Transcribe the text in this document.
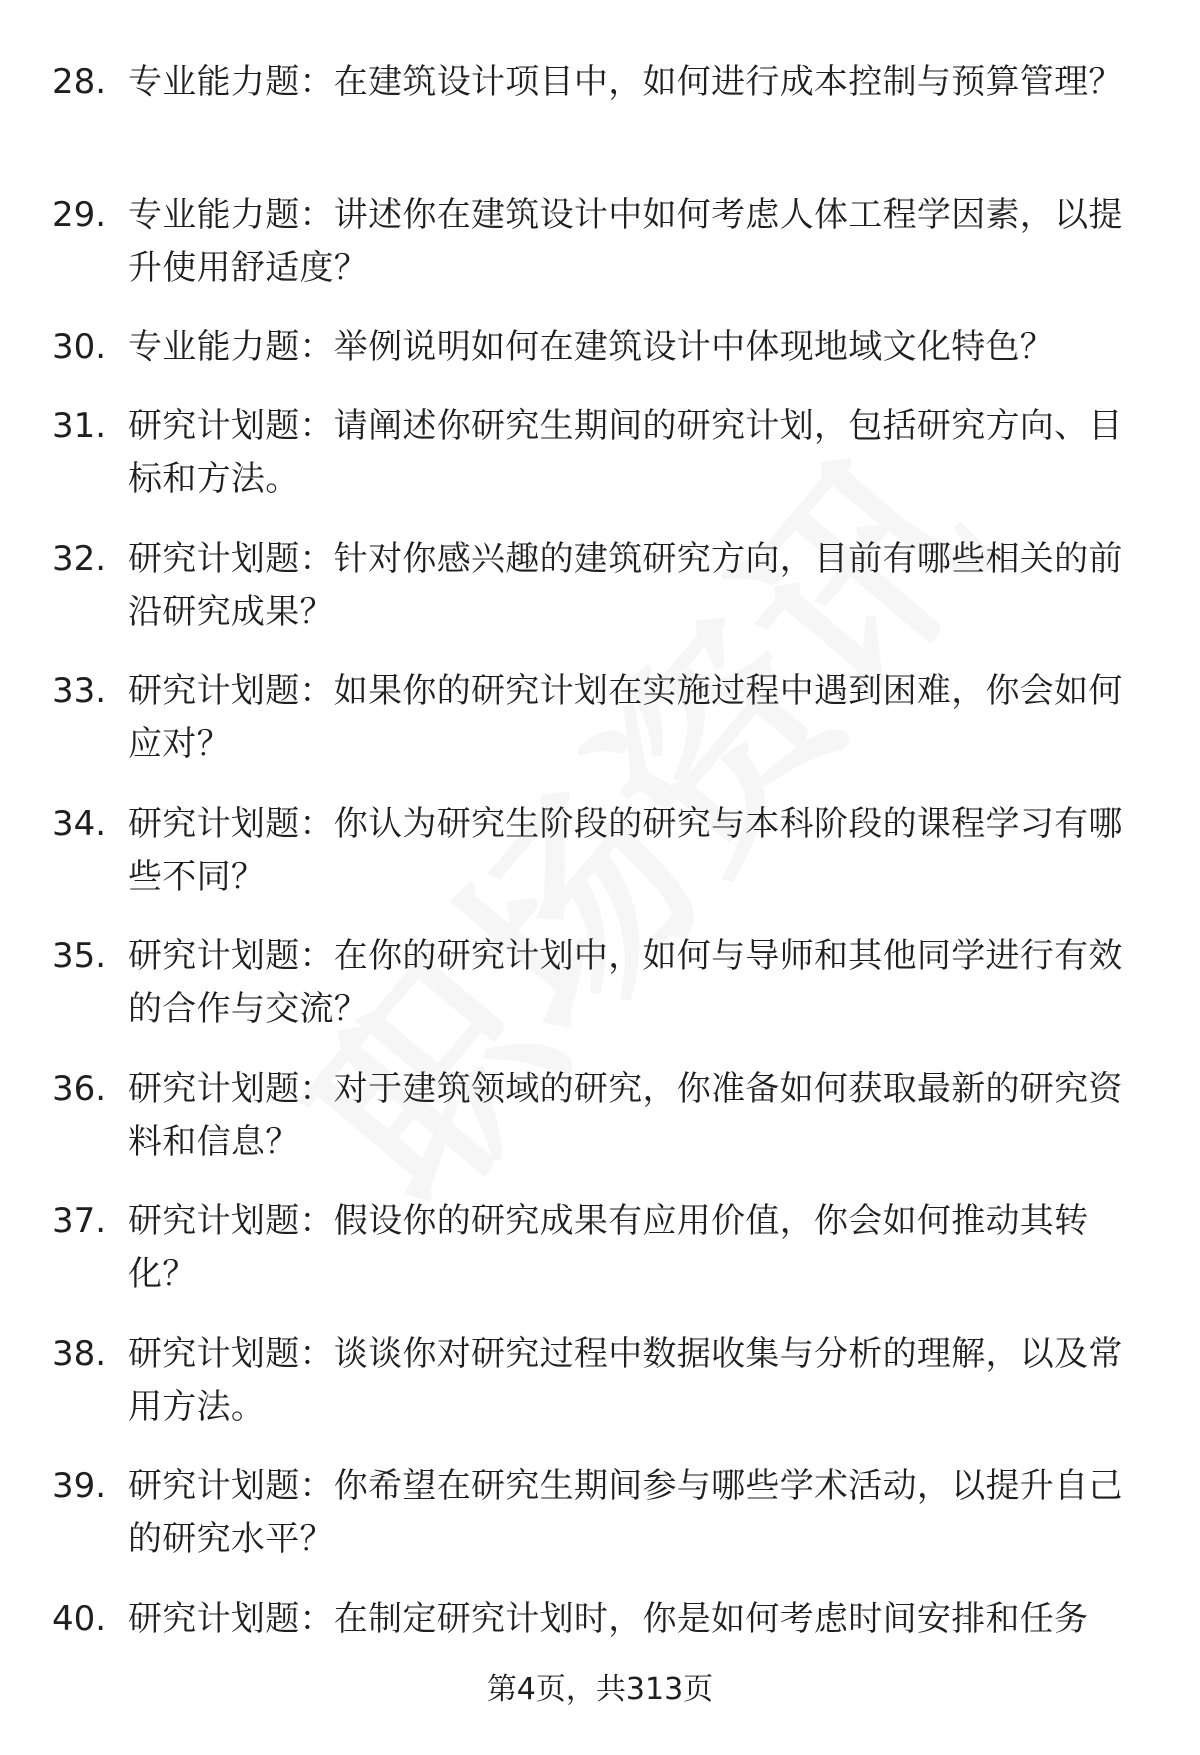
28. 专业能力题：在建筑设计项目中，如何进行成本控制与预算管理？
29. 专业能力题：讲述你在建筑设计中如何考虑人体工程学因素，以提升使用舒适度？
30. 专业能力题：举例说明如何在建筑设计中体现地域文化特色？
31. 研究计划题：请阐述你研究生期间的研究计划，包括研究方向、目标和方法。
32. 研究计划题：针对你感兴趣的建筑研究方向，目前有哪些相关的前沿研究成果？
33. 研究计划题：如果你的研究计划在实施过程中遇到困难，你会如何应对？
34. 研究计划题：你认为研究生阶段的研究与本科阶段的课程学习有哪些不同？
35. 研究计划题：在你的研究计划中，如何与导师和其他同学进行有效的合作与交流？
36. 研究计划题：对于建筑领域的研究，你准备如何获取最新的研究资料和信息？
37. 研究计划题：假设你的研究成果有应用价值，你会如何推动其转化？
38. 研究计划题：谈谈你对研究过程中数据收集与分析的理解，以及常用方法。
39. 研究计划题：你希望在研究生期间参与哪些学术活动，以提升自己的研究水平？
40. 研究计划题：在制定研究计划时，你是如何考虑时间安排和任务
第4页，共313页
